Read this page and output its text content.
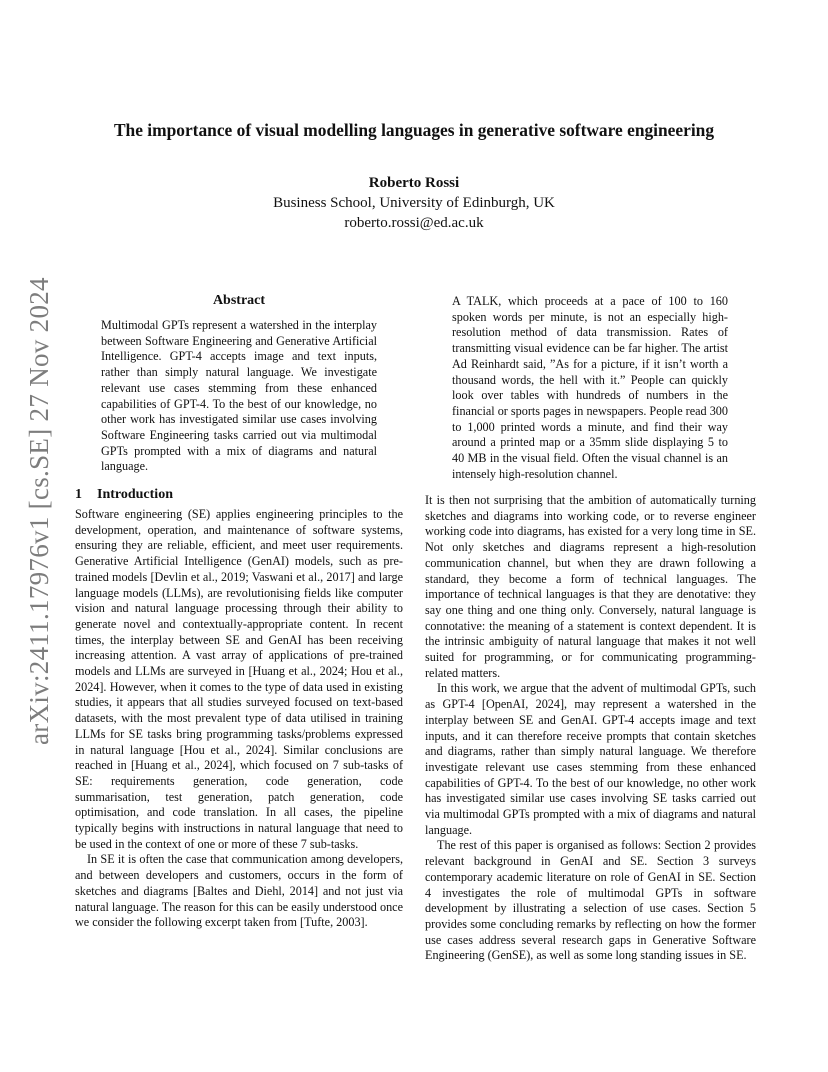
arXiv:2411.17976v1 [cs.SE] 27 Nov 2024
The importance of visual modelling languages in generative software engineering
Roberto Rossi
Business School, University of Edinburgh, UK
roberto.rossi@ed.ac.uk
Abstract
Multimodal GPTs represent a watershed in the interplay between Software Engineering and Generative Artificial Intelligence. GPT-4 accepts image and text inputs, rather than simply natural language. We investigate relevant use cases stemming from these enhanced capabilities of GPT-4. To the best of our knowledge, no other work has investigated similar use cases involving Software Engineering tasks carried out via multimodal GPTs prompted with a mix of diagrams and natural language.
1 Introduction

Software engineering (SE) applies engineering principles to the development, operation, and maintenance of software systems, ensuring they are reliable, efficient, and meet user requirements. Generative Artificial Intelligence (GenAI) models, such as pre-trained models [Devlin et al., 2019; Vaswani et al., 2017] and large language models (LLMs), are revolutionising fields like computer vision and natural language processing through their ability to generate novel and contextually-appropriate content. In recent times, the interplay between SE and GenAI has been receiving increasing attention. A vast array of applications of pre-trained models and LLMs are surveyed in [Huang et al., 2024; Hou et al., 2024]. However, when it comes to the type of data used in existing studies, it appears that all studies surveyed focused on text-based datasets, with the most prevalent type of data utilised in training LLMs for SE tasks bring programming tasks/problems expressed in natural language [Hou et al., 2024]. Similar conclusions are reached in [Huang et al., 2024], which focused on 7 sub-tasks of SE: requirements generation, code generation, code summarisation, test generation, patch generation, code optimisation, and code translation. In all cases, the pipeline typically begins with instructions in natural language that need to be used in the context of one or more of these 7 sub-tasks.

In SE it is often the case that communication among developers, and between developers and customers, occurs in the form of sketches and diagrams [Baltes and Diehl, 2014] and not just via natural language. The reason for this can be easily understood once we consider the following excerpt taken from [Tufte, 2003].

A TALK, which proceeds at a pace of 100 to 160 spoken words per minute, is not an especially high-resolution method of data transmission. Rates of transmitting visual evidence can be far higher. The artist Ad Reinhardt said, ”As for a picture, if it isn’t worth a thousand words, the hell with it.” People can quickly look over tables with hundreds of numbers in the financial or sports pages in newspapers. People read 300 to 1,000 printed words a minute, and find their way around a printed map or a 35mm slide displaying 5 to 40 MB in the visual field. Often the visual channel is an intensely high-resolution channel.

It is then not surprising that the ambition of automatically turning sketches and diagrams into working code, or to reverse engineer working code into diagrams, has existed for a very long time in SE. Not only sketches and diagrams represent a high-resolution communication channel, but when they are drawn following a standard, they become a form of technical languages. The importance of technical languages is that they are denotative: they say one thing and one thing only. Conversely, natural language is connotative: the meaning of a statement is context dependent. It is the intrinsic ambiguity of natural language that makes it not well suited for programming, or for communicating programming-related matters.

In this work, we argue that the advent of multimodal GPTs, such as GPT-4 [OpenAI, 2024], may represent a watershed in the interplay between SE and GenAI. GPT-4 accepts image and text inputs, and it can therefore receive prompts that contain sketches and diagrams, rather than simply natural language. We therefore investigate relevant use cases stemming from these enhanced capabilities of GPT-4. To the best of our knowledge, no other work has investigated similar use cases involving SE tasks carried out via multimodal GPTs prompted with a mix of diagrams and natural language.

The rest of this paper is organised as follows: Section 2 provides relevant background in GenAI and SE. Section 3 surveys contemporary academic literature on role of GenAI in SE. Section 4 investigates the role of multimodal GPTs in software development by illustrating a selection of use cases. Section 5 provides some concluding remarks by reflecting on how the former use cases address several research gaps in Generative Software Engineering (GenSE), as well as some long standing issues in SE.
